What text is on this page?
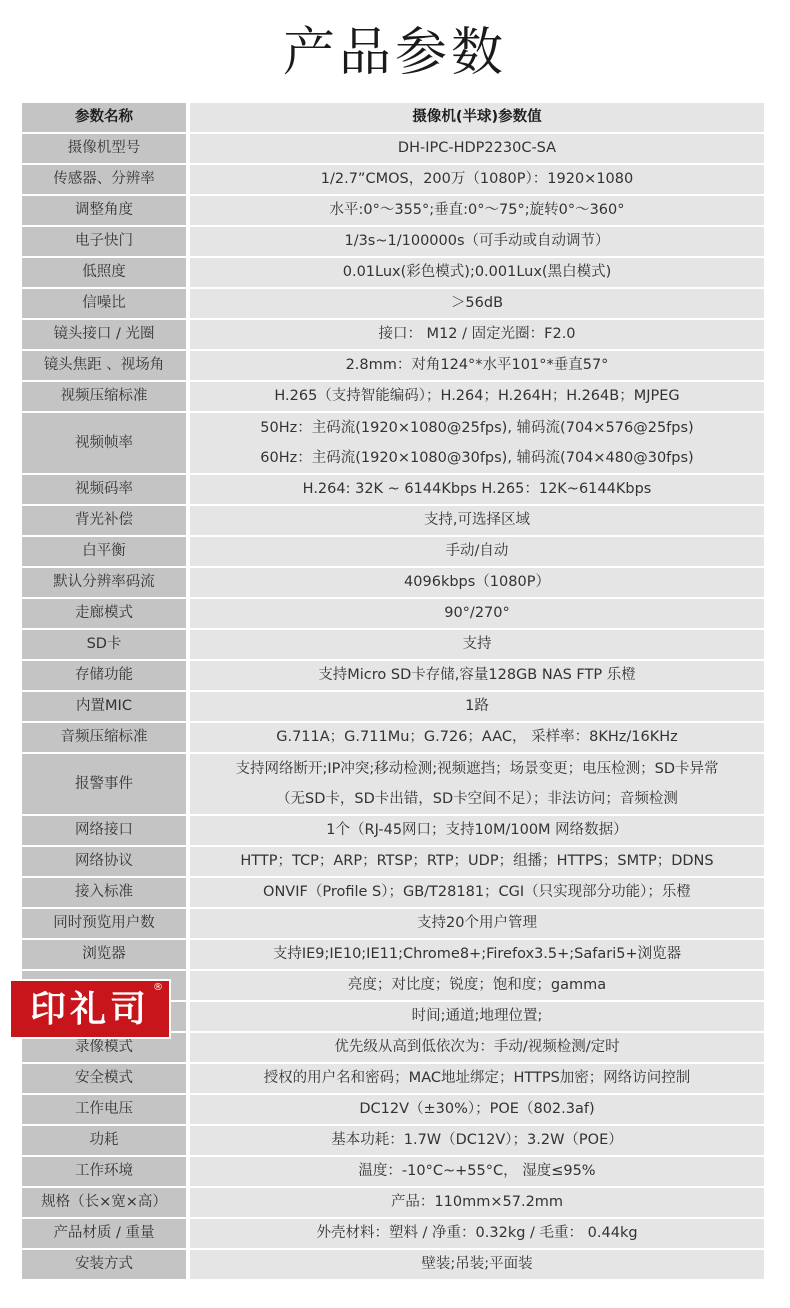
产品参数
参数名称		摄像机(半球)参数值
摄像机型号		DH-IPC-HDP2230C-SA

传感器、分辨率		1/2.7”CMOS，200万（1080P）：1920×1080

调整角度		水平:0°～355°;垂直:0°～75°;旋转0°～360°

电子快门		1/3s~1/100000s（可手动或自动调节）

低照度		0.01Lux(彩色模式);0.001Lux(黑白模式)

信噪比		＞56dB

镜头接口 / 光圈		接口： M12 / 固定光圈：F2.0

镜头焦距 、视场角		2.8mm：对角124°*水平101°*垂直57°

视频压缩标准		H.265（支持智能编码）；H.264；H.264H；H.264B；MJPEG

视频帧率		50Hz：主码流(1920×1080@25fps), 辅码流(704×576@25fps)
60Hz：主码流(1920×1080@30fps), 辅码流(704×480@30fps)

视频码率		H.264: 32K ~ 6144Kbps H.265：12K~6144Kbps

背光补偿		支持,可选择区域

白平衡		手动/自动

默认分辨率码流		4096kbps（1080P）

走廊模式		90°/270°

SD卡		支持

存储功能		支持Micro SD卡存储,容量128GB NAS FTP 乐橙

内置MIC		1路

音频压缩标准		G.711A；G.711Mu；G.726；AAC， 采样率：8KHz/16KHz

报警事件		支持网络断开;IP冲突;移动检测;视频遮挡；场景变更；电压检测；SD卡异常
（无SD卡，SD卡出错，SD卡空间不足）；非法访问；音频检测

网络接口		1个（RJ-45网口；支持10M/100M 网络数据）

网络协议		HTTP；TCP；ARP；RTSP；RTP；UDP；组播；HTTPS；SMTP；DDNS

接入标准		ONVIF（Profile S）；GB/T28181；CGI（只实现部分功能）；乐橙

同时预览用户数		支持20个用户管理

浏览器		支持IE9;IE10;IE11;Chrome8+;Firefox3.5+;Safari5+浏览器

		亮度；对比度；锐度；饱和度；gamma

		时间;通道;地理位置;

录像模式		优先级从高到低依次为：手动/视频检测/定时

安全模式		授权的用户名和密码；MAC地址绑定；HTTPS加密；网络访问控制

工作电压		DC12V（±30%）；POE（802.3af)

功耗		基本功耗：1.7W（DC12V）；3.2W（POE）

工作环境		温度：-10°C~+55°C， 湿度≤95%

规格（长×宽×高）		产品：110mm×57.2mm

产品材质 / 重量		外壳材料：塑料 / 净重：0.32kg / 毛重： 0.44kg

安装方式		壁装;吊装;平面装
印礼司
®
